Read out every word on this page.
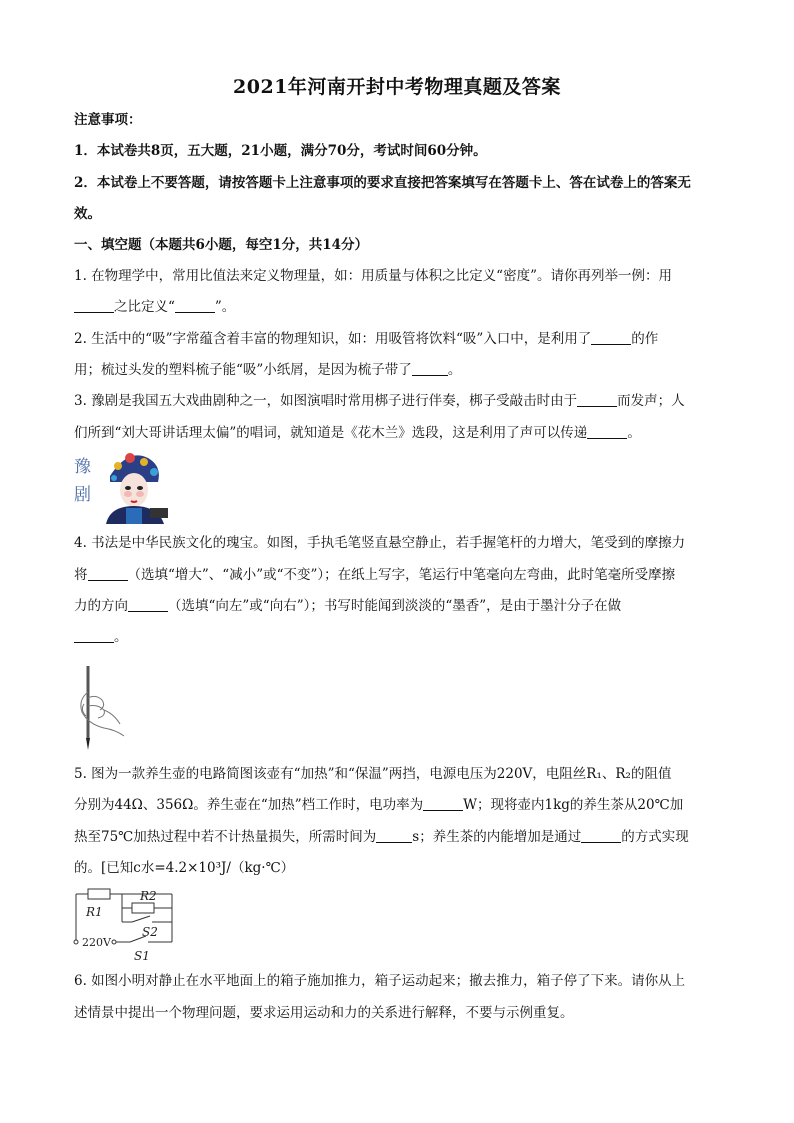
2021年河南开封中考物理真题及答案
注意事项：
1．本试卷共8页，五大题，21小题，满分70分，考试时间60分钟。
2．本试卷上不要答题，请按答题卡上注意事项的要求直接把答案填写在答题卡上、答在试卷上的答案无
效。
一、填空题（本题共6小题，每空1分，共14分）
1. 在物理学中，常用比值法来定义物理量，如：用质量与体积之比定义“密度”。请你再列举一例：用
之比定义“	”。
2. 生活中的“吸”字常蕴含着丰富的物理知识，如：用吸管将饮料“吸”入口中，是利用了	的作
用；梳过头发的塑料梳子能“吸”小纸屑，是因为梳子带了	。
3. 豫剧是我国五大戏曲剧种之一，如图演唱时常用梆子进行伴奏，梆子受敲击时由于	而发声；人
们所到“刘大哥讲话理太偏”的唱词，就知道是《花木兰》选段，这是利用了声可以传递	。
豫
剧
4. 书法是中华民族文化的瑰宝。如图，手执毛笔竖直悬空静止，若手握笔杆的力增大，笔受到的摩擦力
将	（选填“增大”、“减小”或“不变”）；在纸上写字，笔运行中笔毫向左弯曲，此时笔毫所受摩擦
力的方向	（选填“向左”或“向右”）；书写时能闻到淡淡的“墨香”，是由于墨汁分子在做
。
5. 图为一款养生壶的电路简图该壶有“加热”和“保温”两挡，电源电压为220V，电阻丝R₁、R₂的阻值
分别为44Ω、356Ω。养生壶在“加热”档工作时，电功率为	W；现将壶内1kg的养生茶从20℃加
热至75℃加热过程中若不计热量损失，所需时间为	s；养生茶的内能增加是通过	的方式实现
的。[已知c水=4.2×10³J/（kg·℃）
R1
R2
S2
220V
S1
6. 如图小明对静止在水平地面上的箱子施加推力，箱子运动起来；撤去推力，箱子停了下来。请你从上
述情景中提出一个物理问题，要求运用运动和力的关系进行解释，不要与示例重复。
